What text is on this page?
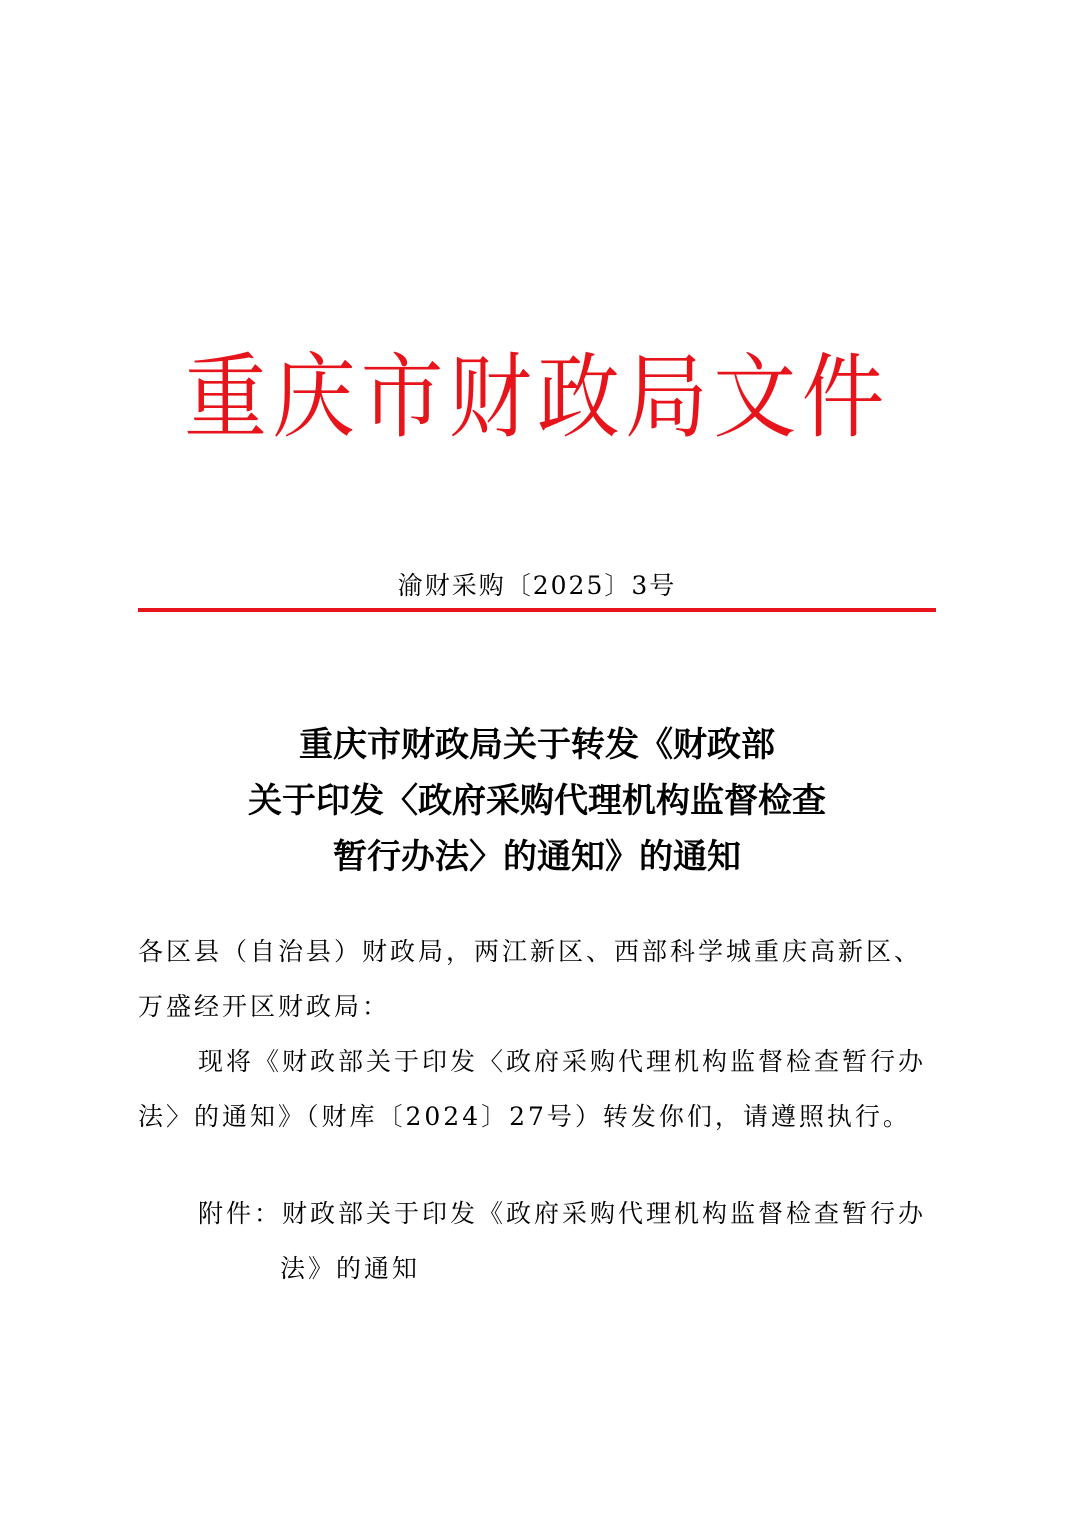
重庆市财政局文件
渝财采购〔2025〕3号
重庆市财政局关于转发《财政部
关于印发〈政府采购代理机构监督检查
暂行办法〉的通知》的通知
各区县（自治县）财政局，两江新区、西部科学城重庆高新区、
万盛经开区财政局：
现将《财政部关于印发〈政府采购代理机构监督检查暂行办
法〉的通知》（财库〔2024〕27号）转发你们，请遵照执行。
附件：财政部关于印发《政府采购代理机构监督检查暂行办
法》的通知
